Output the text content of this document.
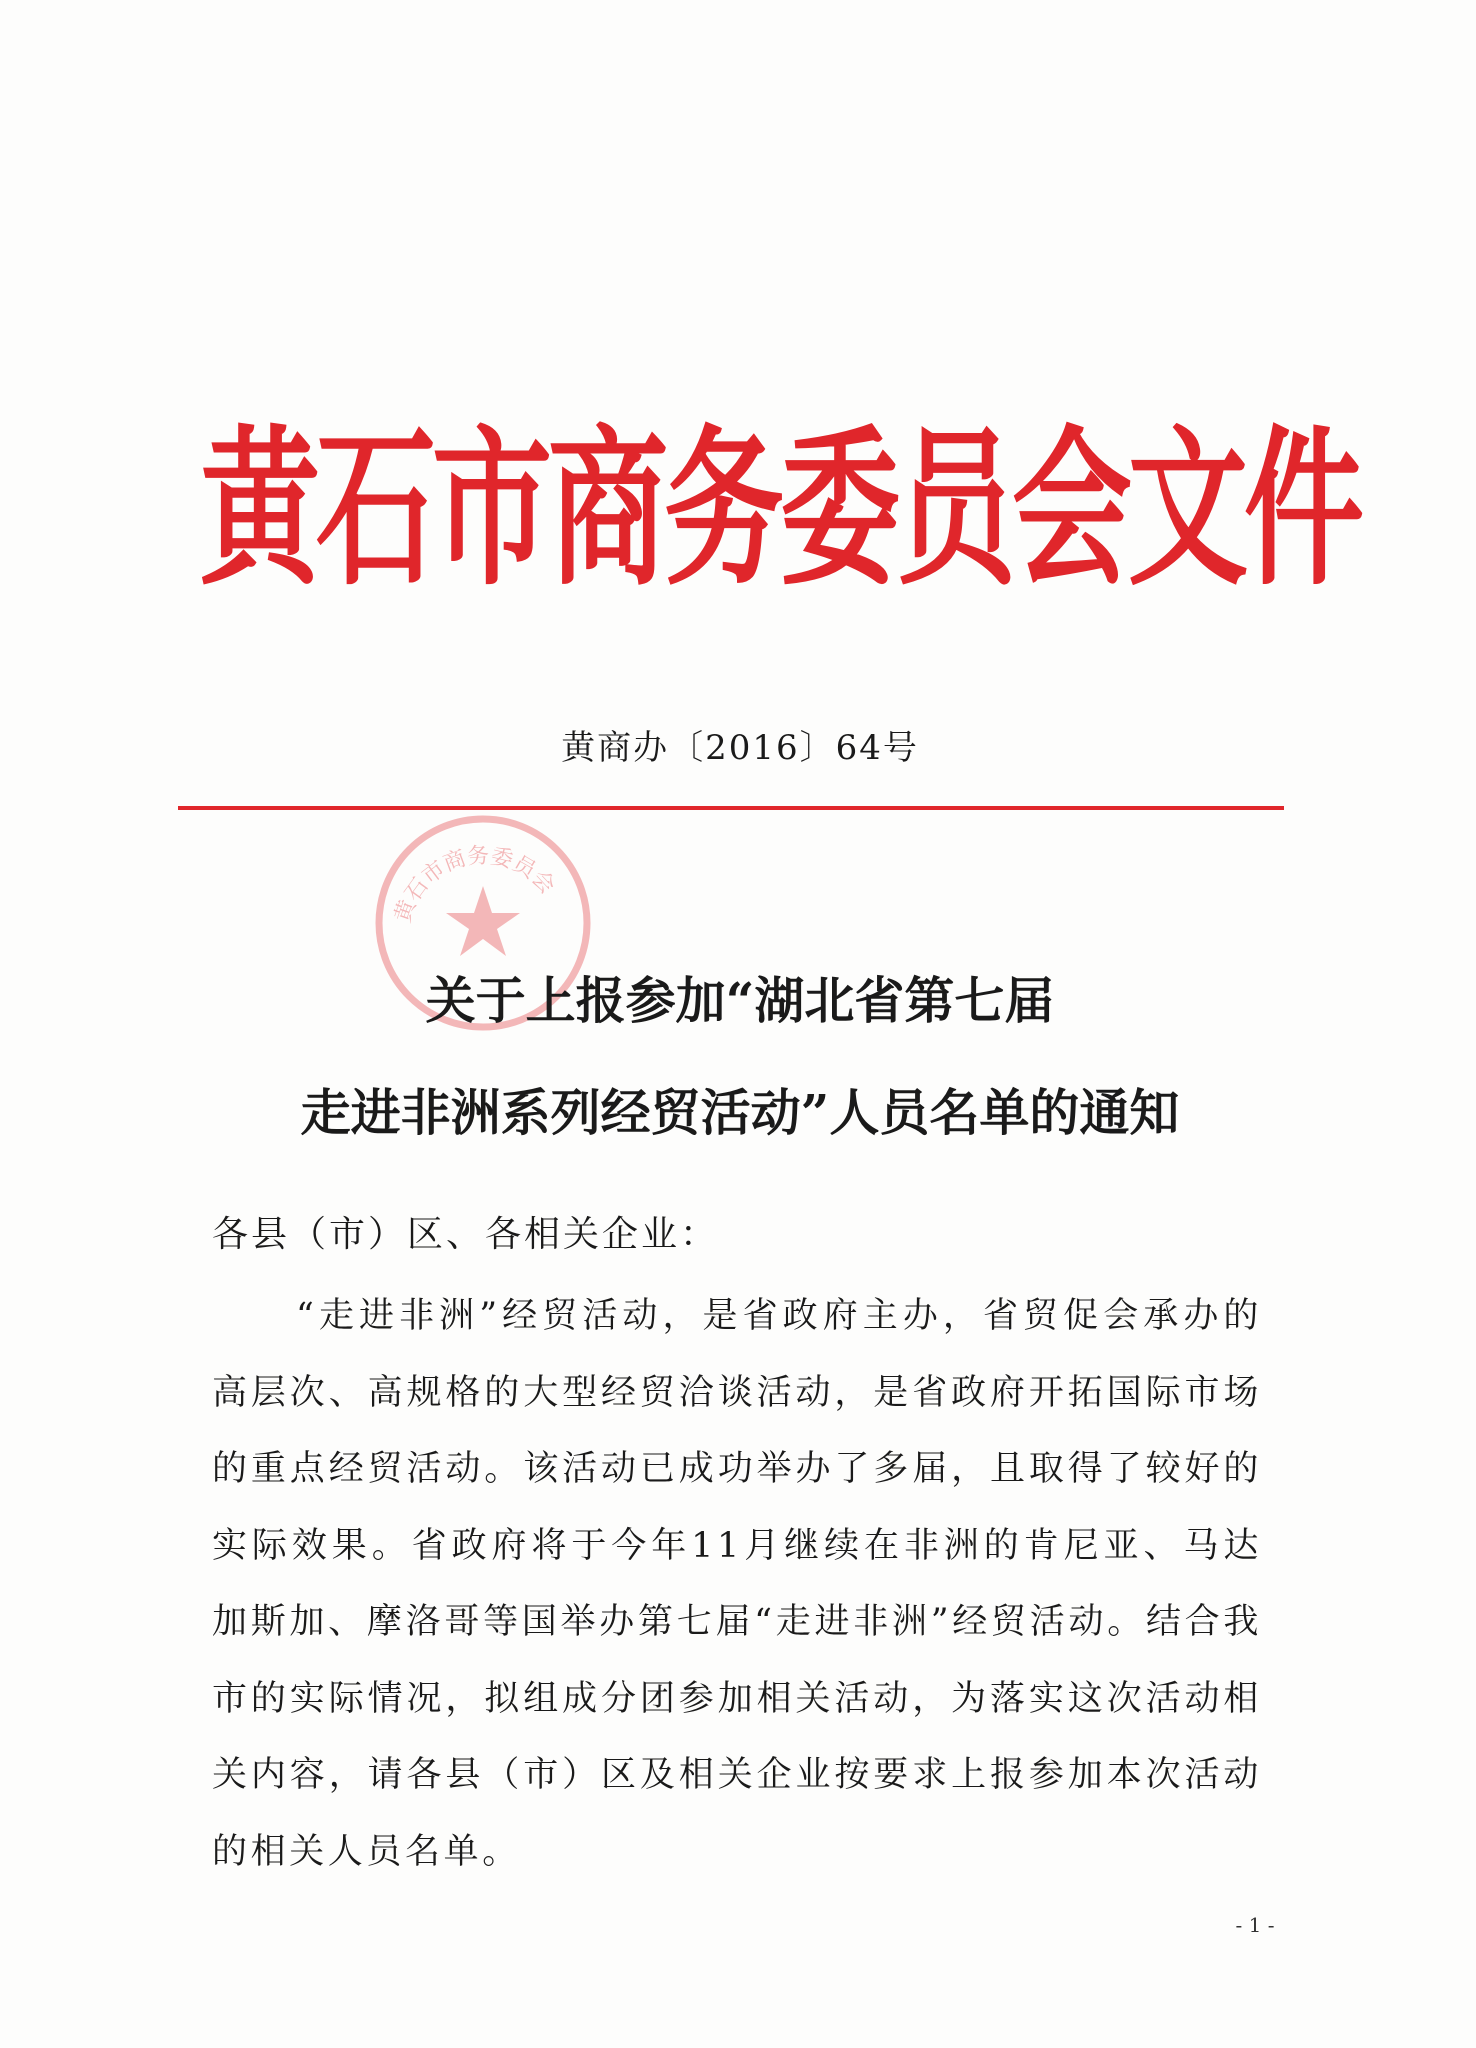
黄石市商务委员会文件
黄商办〔2016〕64号
黄石市商务委员会
关于上报参加“湖北省第七届
走进非洲系列经贸活动”人员名单的通知
各县（市）区、各相关企业：
“走进非洲”经贸活动，是省政府主办，省贸促会承办的高层次、高规格的大型经贸洽谈活动，是省政府开拓国际市场的重点经贸活动。该活动已成功举办了多届，且取得了较好的实际效果。省政府将于今年11月继续在非洲的肯尼亚、马达加斯加、摩洛哥等国举办第七届“走进非洲”经贸活动。结合我市的实际情况，拟组成分团参加相关活动，为落实这次活动相关内容，请各县（市）区及相关企业按要求上报参加本次活动的相关人员名单。
- 1 -
